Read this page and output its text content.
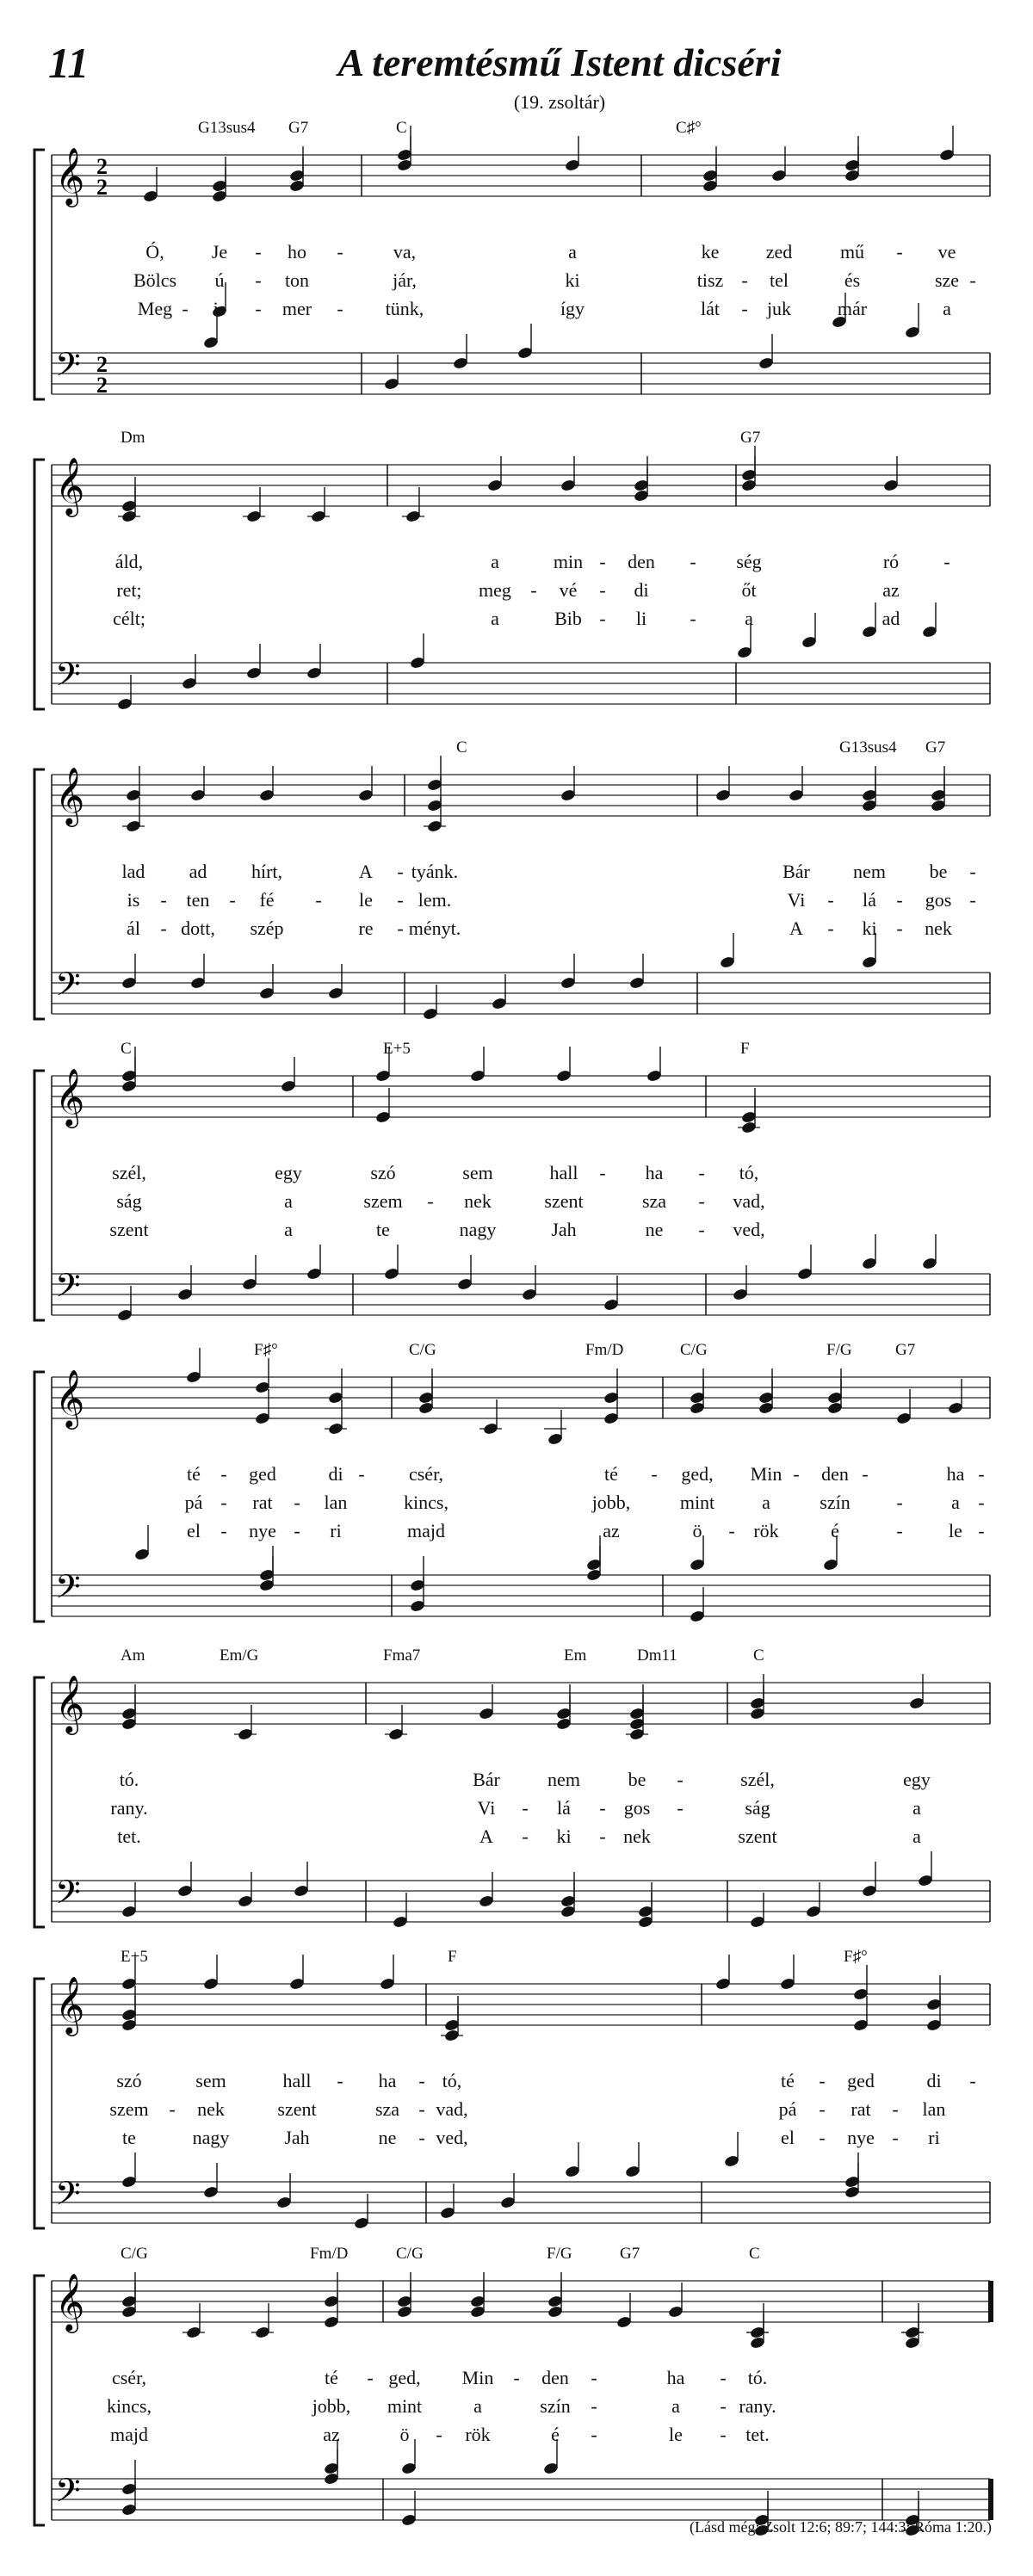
11	A teremtésmű Istent dicséri
(19. zsoltár)
𝄞
𝄢
2
2
2
2
G13sus4 G7	C	C♯°
Ó,	Je - ho -	va,	a	ke zed	mű - ve
Bölcs ú - ton	jár,	ki	tisz - tel	és	sze -
Meg - is - mer - tünk,	így	lát - juk már	a
𝄞
𝄢
Dm	G7
áld,	a	min - den - ség	ró -
ret;	meg - vé - di	őt	az
célt;	a	Bib - li -	a	ad
𝄞
𝄢
C	G13sus4 G7
lad ad hírt,	A - tyánk.	Bár nem be -
is - ten - fé - le - lem.	Vi - lá - gos -
ál - dott, szép	re - ményt.	A - ki - nek
𝄞
𝄢
C	E+5	F
szél,	egy	szó	sem	hall - ha - tó,
ság	a	szem - nek	szent	sza - vad,
szent	a	te	nagy	Jah	ne - ved,
𝄞
𝄢
F♯°	C/G	Fm/D	C/G	F/G	G7
té - ged	di - csér,	té - ged, Min - den -	ha -
pá - rat - lan	kincs,	jobb,	mint a	szín -	a -
el - nye - ri	majd	az	ö - rök	é	- le -
𝄞
𝄢
Am	Em/G	Fma7	Em	Dm11	C
tó.	Bár	nem	be -	szél,	egy
rany.	Vi - lá - gos -	ság	a
tet.	A - ki - nek	szent	a
𝄞
𝄢
E+5	F	F♯°
szó	sem	hall - ha - tó,	té - ged	di -
szem - nek	szent	sza - vad,	pá - rat - lan
te	nagy	Jah	ne - ved,	el - nye - ri
𝄞
𝄢
C/G	Fm/D	C/G	F/G	G7	C
csér,	té - ged, Min - den -	ha - tó.
kincs,	jobb, mint	a	szín -	a - rany.
majd	az	ö - rök	é -	le - tet.
(Lásd még: Zsolt 12:6; 89:7; 144:3; Róma 1:20.)
